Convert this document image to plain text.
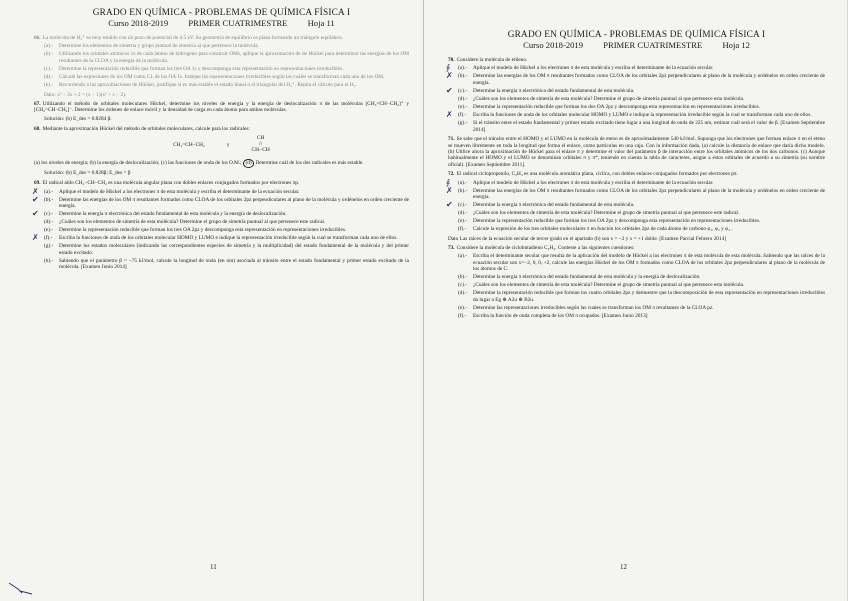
GRADO EN QUÍMICA - PROBLEMAS DE QUÍMICA FÍSICA I
Curso 2018-2019 PRIMER CUATRIMESTRE Hoja 11

66. La molécula de H₃⁺ se muy estable con un pozo de potencial de 4.5 eV. Su geometría de equilibrio es plana formando un triángulo equilátero.

(a).-	Determine los elementos de simetría y grupo puntual de simetría al que pertenece la molécula.
(b).-	Utilizando los orbitales atómicos 1s de cada átomo de hidrógeno para construir OMs, aplique la aproximación de de Hückel para determinar las energías de los OM resultantes de la CLOA y la energía de la molécula.
(c).-	Determine la representación reducible que forman los tres OA 1s y descomponga esta representación en representaciones irreducibles.
(d).-	Calcule las expresiones de los OM como CL de los OA 1s. Indique las representaciones irreducibles según las cuáles se transforman cada uno de los OM.
(e).-	Recurriendo a las aproximaciones de Hückel, justifique si es más estable el estado lineal o el triangular del H₃⁺. Repita el cálculo para el H₃.
Dato: x³ − 3x + 2 = (x − 1)(x² + x − 2).

67. Utilizando el método de orbitales moleculares Hückel, determine los niveles de energía y la energía de deslocalización π de las moléculas [CH₂=CH−CH₂]⁺ y [CH₂=CH−CH₂]⁻. Determine los órdenes de enlace móvil y la densidad de carga en cada átomo para ambas moléculas.

Solución: (b) E_des = 0.8284 β.

68. Mediante la aproximación Hückel del método de orbitales moleculares, calcule para los radicales:

CH₂=CH−CH₂	y
CH
/\
CH−CH

(a) los niveles de energía; (b) la energía de deslocalización; (c) las funciones de onda de los O.M.; (d) Determine cuál de los dos radicales es más estable.

Solución: (b) E_des = 0.828β; E_des = β

69. El radical alilo CH₂−CH−CH₂ es una molécula angular plana con dobles enlaces conjugados formados por electrones πp.

✗ (a).-	Aplique el modelo de Hückel a los electrones π de esta molécula y escriba el determinante de la ecuación secular.
✔ (b).-	Determine las energías de los OM π resultantes formados como CLOA de los orbitales 2pz perpendiculares al plano de la molécula y ordénelos en orden creciente de energía.
✔ (c).-	Determine la energía π electrónica del estado fundamental de esta molécula y la energía de deslocalización.
(d).-	¿Cuáles son los elementos de simetría de esta molécula? Determine el grupo de simetría puntual al que pertenece este radical.
(e).-	Determine la representación reducible que forman los tres OA 2pz y descomponga esta representación en representaciones irreducibles.
✗ (f).-	Escriba la funciones de onda de los orbitales molecular HOMO y LUMO e indique la representación irreducible según la cual se transforman cada uno de ellos.
(g).-	Determine los estados moleculares (indicando las correspondientes especies de simetría y la multiplicidad) del estado fundamental de la molécula y del primer estado excitado.
(h).-	Sabiendo que el parámetro β = −75 kJ/mol, calcule la longitud de onda (en nm) asociada al tránsito entre el estado fundamental y primer estado excitado de la molécula. [Examen Junio 2014]
11
GRADO EN QUÍMICA - PROBLEMAS DE QUÍMICA FÍSICA I
Curso 2018-2019 PRIMER CUATRIMESTRE Hoja 12

70. Considere la molécula de etileno.

∮ (a).-	Aplique el modelo de Hückel a los electrones π de esta molécula y escriba el determinante de la ecuación secular.
✗ (b).-	Determine las energías de los OM π resultantes formados como CLOA de los orbitales 2pz perpendiculares al plano de la molécula y ordénelos en orden creciente de energía.
✔ (c).-	Determine la energía π electrónica del estado fundamental de esta molécula.
(d).-	¿Cuáles son los elementos de simetría de esta molécula? Determine el grupo de simetría puntual al que pertenece esta molécula.
(e).-	Determine la representación reducible que forman los dos OA 2pz y descomponga esta representación en representaciones irreducibles.
✗ (f).-	Escriba la funciones de onda de los orbitales molecular HOMO y LUMO e indique la representación irreducible según la cual se transforman cada uno de ellos.
(g).-	Si el tránsito entre el estado fundamental y primer estado excitado tiene lugar a una longitud de onda de 225 nm, estimar cuál será el valor de β. [Examen Septiembre 2014]

71. Se sabe que el tránsito entre el HOMO y el LUMO en la molécula de eteno es de aproximadamente 540 kJ/mol. Suponga que los electrones que forman enlace π en el eteno se mueven libremente en toda la longitud que forma el enlace, como partículas en una caja. Con la información dada, (a) calcule la distancia de enlace que daría dicho modelo. (b) Utilice ahora la aproximación de Hückel para el enlace π y determine el valor del parámetro β de interacción entre los orbitales atómicos de los dos carbonos. (c) Aunque habitualmente el HOMO y el LUMO se denominan orbitales π y π*, teniendo en cuenta la tabla de caracteres, asigne a estos orbitales de acuerdo a su simetría (su nombre oficial). [Examen Septiembre 2011].

72. El radical ciclopropenilo, C₃H₃ es una molécula aromática plana, cíclica, con dobles enlaces conjugados formados por electrones pπ.

∮ (a).-	Aplique el modelo de Hückel a los electrones π de esta molécula y escriba el determinante de la ecuación secular.
✗ (b).-	Determine las energías de los OM π resultantes formados como CLOA de los orbitales 2pz perpendiculares al plano de la molécula y ordénelos en orden creciente de energía.
✔ (c).-	Determine la energía π electrónica del estado fundamental de esta molécula.
(d).-	¿Cuáles son los elementos de simetría de esta molécula? Determine el grupo de simetría puntual al que pertenece este radical.
(e).-	Determine la representación reducible que forman los tres OA 2pz y descomponga esta representación en representaciones irreducibles.
(f).-	Calcule la expresión de los tres orbitales moleculares π en función los orbitales 2pz de cada átomo de carbono φ₁, φ₂ y φ₃ .

Dato Las raíces de la ecuación secular de tercer grado en el apartado (b) son x = −2 y x = +1 doble. [Examen Parcial Febrero 2014]

73. Considere la molécula de ciclobutadieno C₄H₄. Conteste a las siguientes cuestiones:

(a).-	Escriba el determinante secular que resulta de la aplicación del modelo de Hückel a los electrones π de esta molécula de esta molécula. Sabiendo que las raíces de la ecuación secular son x=−2, 0, 0, +2, calcule las energías Hückel de los OM π formados como CLOA de los orbitales 2pz perpendiculares al plano de la molécula de los átomos de C.
(b).-	Determine la energía π electrónica del estado fundamental de esta molécula y la energía de deslocalización.
(c).-	¿Cuáles son los elementos de simetría de esta molécula? Determine el grupo de simetría puntual al que pertenece esta molécula.
(d).-	Determine la representación reducible que forman los cuatro orbitales 2pz y demuestre que la descomposición de esta representación en representaciones irreducibles da lugar a Eg ⊕ A2u ⊕ B2u.
(e).-	Determine las representaciones irreducibles según las cuales se transforman los OM π resultantes de la CLOA pz.
(f).-	Escriba la función de onda completa de los OM π ocupados. [Examen Junio 2013]
12
